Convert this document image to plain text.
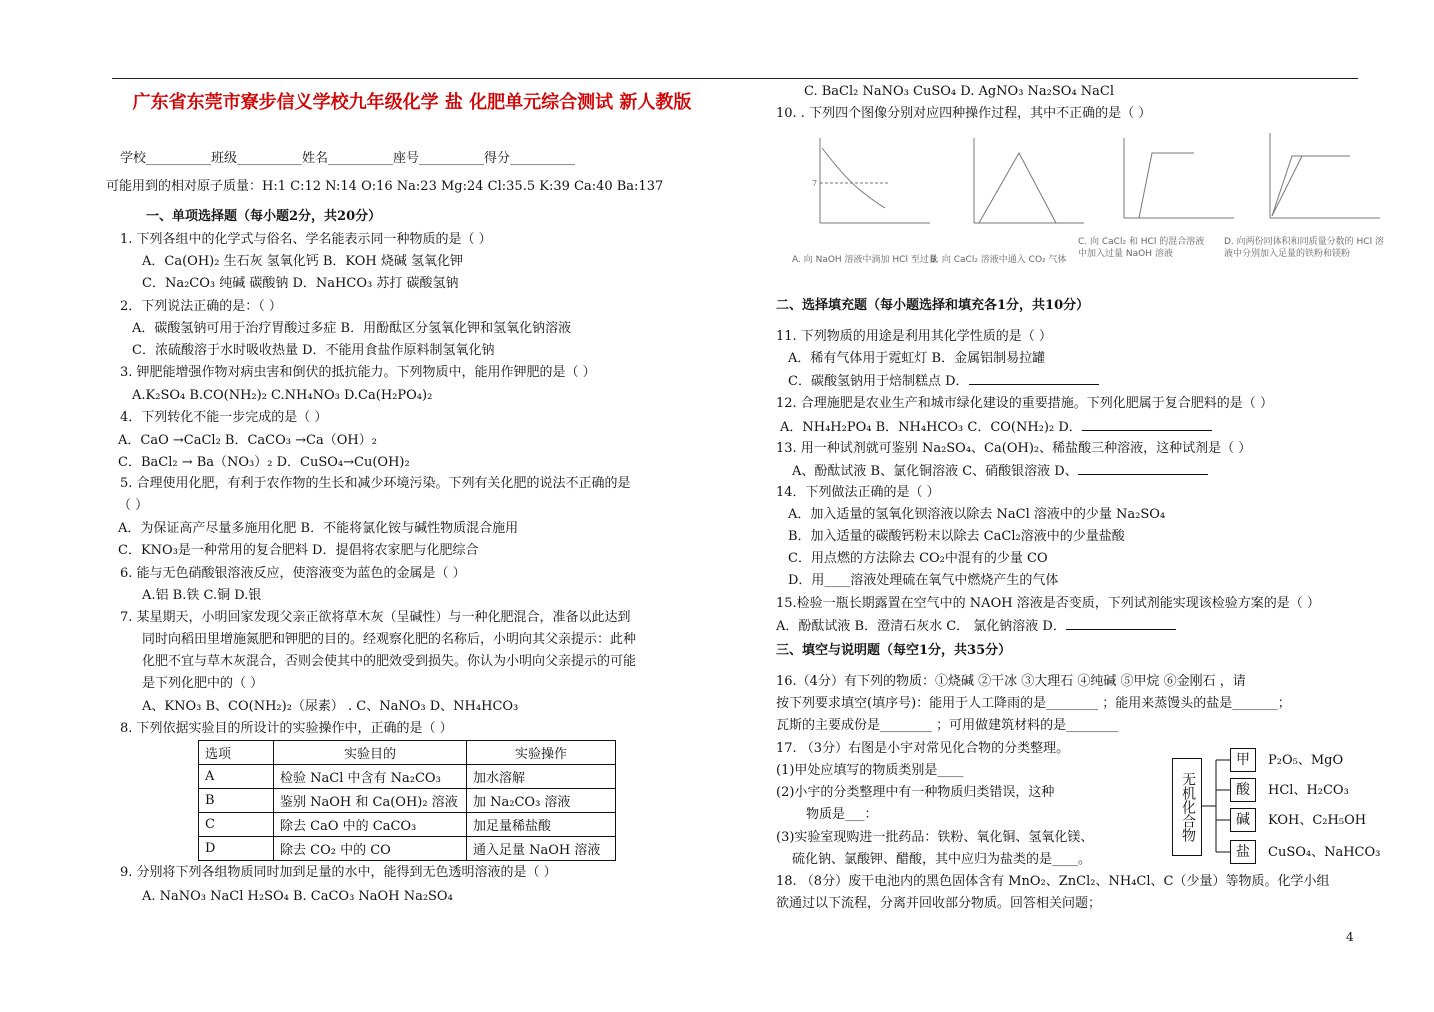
广东省东莞市寮步信义学校九年级化学 盐 化肥单元综合测试 新人教版
学校__________班级__________姓名__________座号__________得分__________
可能用到的相对原子质量：H:1 C:12 N:14 O:16 Na:23 Mg:24 Cl:35.5 K:39 Ca:40 Ba:137
一、单项选择题（每小题2分，共20分）
1. 下列各组中的化学式与俗名、学名能表示同一种物质的是（ ）
A．Ca(OH)₂ 生石灰 氢氧化钙 B．KOH 烧碱 氢氧化钾
C．Na₂CO₃ 纯碱 碳酸钠 D．NaHCO₃ 苏打 碳酸氢钠
2．下列说法正确的是：（ ）
A．碳酸氢钠可用于治疗胃酸过多症 B．用酚酞区分氢氧化钾和氢氧化钠溶液
C．浓硫酸溶于水时吸收热量 D．不能用食盐作原料制氢氧化钠
3. 钾肥能增强作物对病虫害和倒伏的抵抗能力。下列物质中，能用作钾肥的是（ ）
A.K₂SO₄ B.CO(NH₂)₂ C.NH₄NO₃ D.Ca(H₂PO₄)₂
4．下列转化不能一步完成的是（ ）
A．CaO →CaCl₂ B．CaCO₃ →Ca（OH）₂
C．BaCl₂ → Ba（NO₃）₂ D．CuSO₄→Cu(OH)₂
5. 合理使用化肥，有利于农作物的生长和减少环境污染。下列有关化肥的说法不正确的是
（ ）
A．为保证高产尽量多施用化肥 B．不能将氯化铵与碱性物质混合施用
C．KNO₃是一种常用的复合肥料 D．提倡将农家肥与化肥综合
6. 能与无色硝酸银溶液反应，使溶液变为蓝色的金属是（ ）
A.铝 B.铁 C.铜 D.银
7. 某星期天，小明回家发现父亲正欲将草木灰（呈碱性）与一种化肥混合，准备以此达到
同时向稻田里增施氮肥和钾肥的目的。经观察化肥的名称后，小明向其父亲提示：此种
化肥不宜与草木灰混合，否则会使其中的肥效受到损失。你认为小明向父亲提示的可能
是下列化肥中的（ ）
A、KNO₃ B、CO(NH₂)₂（尿素） . C、NaNO₃ D、NH₄HCO₃
8. 下列依据实验目的所设计的实验操作中，正确的是（ ）
选项	实验目的	实验操作
A	检验 NaCl 中含有 Na₂CO₃	加水溶解
B	鉴别 NaOH 和 Ca(OH)₂ 溶液	加 Na₂CO₃ 溶液
C	除去 CaO 中的 CaCO₃	加足量稀盐酸
D	除去 CO₂ 中的 CO	通入足量 NaOH 溶液
9. 分别将下列各组物质同时加到足量的水中，能得到无色透明溶液的是（ ）
A. NaNO₃ NaCl H₂SO₄ B. CaCO₃ NaOH Na₂SO₄
C. BaCl₂ NaNO₃ CuSO₄ D. AgNO₃ Na₂SO₄ NaCl
10. . 下列四个图像分别对应四种操作过程，其中不正确的是（ ）
7
A. 向 NaOH 溶液中滴加 HCl 至过量
B. 向 CaCl₂ 溶液中通入 CO₂ 气体
C. 向 CaCl₂ 和 HCl 的混合溶液中加入过量 NaOH 溶液
D. 向两份同体积和同质量分数的 HCl 溶液中分别加入足量的铁粉和镁粉
二、选择填充题（每小题选择和填充各1分，共10分）
11. 下列物质的用途是利用其化学性质的是（ ）
A．稀有气体用于霓虹灯 B．金属铝制易拉罐
C．碳酸氢钠用于焙制糕点 D．
12. 合理施肥是农业生产和城市绿化建设的重要措施。下列化肥属于复合肥料的是（ ）
A．NH₄H₂PO₄ B．NH₄HCO₃ C．CO(NH₂)₂ D．
13. 用一种试剂就可鉴别 Na₂SO₄、Ca(OH)₂、稀盐酸三种溶液，这种试剂是（ ）
A、酚酞试液 B、氯化铜溶液 C、硝酸银溶液 D、
14．下列做法正确的是（ ）
A．加入适量的氢氧化钡溶液以除去 NaCl 溶液中的少量 Na₂SO₄
B．加入适量的碳酸钙粉末以除去 CaCl₂溶液中的少量盐酸
C．用点燃的方法除去 CO₂中混有的少量 CO
D．用____溶液处理硫在氧气中燃烧产生的气体
15.检验一瓶长期露置在空气中的 NAOH 溶液是否变质，下列试剂能实现该检验方案的是（ ）
A．酚酞试液 B．澄清石灰水 C． 氯化钠溶液 D．
三、填空与说明题（每空1分，共35分）
16.（4分）有下列的物质：①烧碱 ②干冰 ③大理石 ④纯碱 ⑤甲烷 ⑥金刚石 ，请
按下列要求填空(填序号)：能用于人工降雨的是________ ；能用来蒸馒头的盐是_______；
瓦斯的主要成份是________ ；可用做建筑材料的是________
17. （3分）右图是小宇对常见化合物的分类整理。
(1)甲处应填写的物质类别是____
(2)小宇的分类整理中有一种物质归类错误，这种
物质是___：
(3)实验室现购进一批药品：铁粉、氧化铜、氢氧化镁、
硫化钠、氯酸钾、醋酸，其中应归为盐类的是____。
18. （8分）废干电池内的黑色固体含有 MnO₂、ZnCl₂、NH₄Cl、C（少量）等物质。化学小组
欲通过以下流程，分离并回收部分物质。回答相关问题；
无机化合物
甲	P₂O₅、MgO
酸	HCl、H₂CO₃
碱	KOH、C₂H₅OH
盐	CuSO₄、NaHCO₃
4
